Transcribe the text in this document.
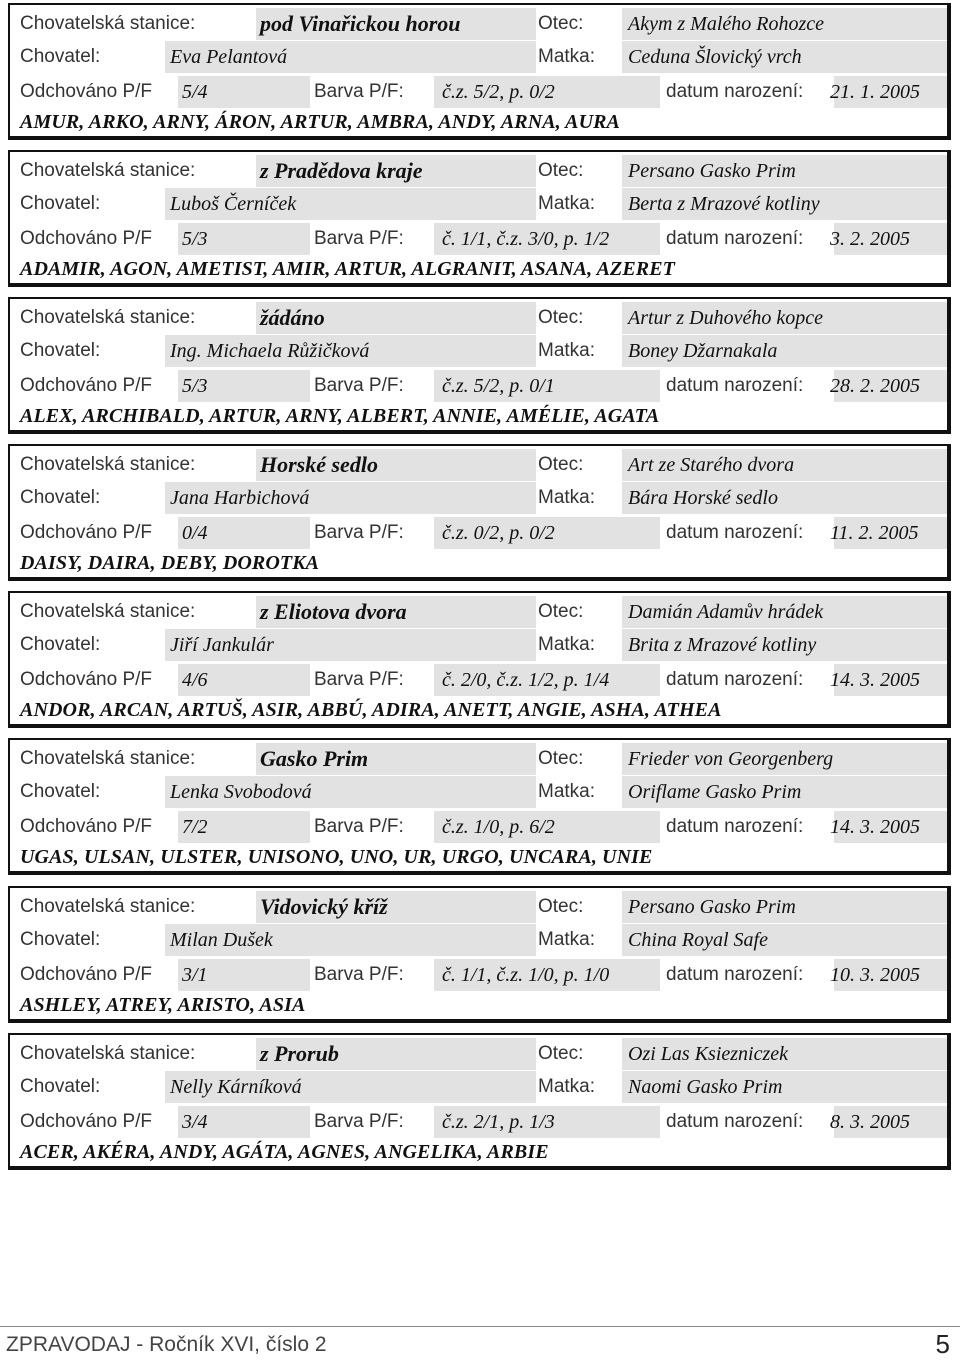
Chovatelská stanice:	pod Vinařickou horou	Otec: Akym z Malého Rohozce
Chovatel:	Eva Pelantová	Matka: Ceduna Šlovický vrch
Odchováno P/F 5/4	Barva P/F: č.z. 5/2, p. 0/2	datum narození: 21. 1. 2005
AMUR, ARKO, ARNY, ÁRON, ARTUR, AMBRA, ANDY, ARNA, AURA
Chovatelská stanice:	z Pradědova kraje	Otec: Persano Gasko Prim
Chovatel:	Luboš Černíček	Matka: Berta z Mrazové kotliny
Odchováno P/F 5/3	Barva P/F: č. 1/1, č.z. 3/0, p. 1/2	datum narození: 3. 2. 2005
ADAMIR, AGON, AMETIST, AMIR, ARTUR, ALGRANIT, ASANA, AZERET
Chovatelská stanice:	žádáno	Otec: Artur z Duhového kopce
Chovatel:	Ing. Michaela Růžičková	Matka: Boney Džarnakala
Odchováno P/F 5/3	Barva P/F: č.z. 5/2, p. 0/1	datum narození: 28. 2. 2005
ALEX, ARCHIBALD, ARTUR, ARNY, ALBERT, ANNIE, AMÉLIE, AGATA
Chovatelská stanice:	Horské sedlo	Otec: Art ze Starého dvora
Chovatel:	Jana Harbichová	Matka: Bára Horské sedlo
Odchováno P/F 0/4	Barva P/F: č.z. 0/2, p. 0/2	datum narození: 11. 2. 2005
DAISY, DAIRA, DEBY, DOROTKA
Chovatelská stanice:	z Eliotova dvora	Otec: Damián Adamův hrádek
Chovatel:	Jiří Jankulár	Matka: Brita z Mrazové kotliny
Odchováno P/F 4/6	Barva P/F: č. 2/0, č.z. 1/2, p. 1/4	datum narození: 14. 3. 2005
ANDOR, ARCAN, ARTUŠ, ASIR, ABBÚ, ADIRA, ANETT, ANGIE, ASHA, ATHEA
Chovatelská stanice:	Gasko Prim	Otec: Frieder von Georgenberg
Chovatel:	Lenka Svobodová	Matka: Oriflame Gasko Prim
Odchováno P/F 7/2	Barva P/F: č.z. 1/0, p. 6/2	datum narození: 14. 3. 2005
UGAS, ULSAN, ULSTER, UNISONO, UNO, UR, URGO, UNCARA, UNIE
Chovatelská stanice:	Vidovický kříž	Otec: Persano Gasko Prim
Chovatel:	Milan Dušek	Matka: China Royal Safe
Odchováno P/F 3/1	Barva P/F: č. 1/1, č.z. 1/0, p. 1/0	datum narození: 10. 3. 2005
ASHLEY, ATREY, ARISTO, ASIA
Chovatelská stanice:	z Prorub	Otec: Ozi Las Ksiezniczek
Chovatel:	Nelly Kárníková	Matka: Naomi Gasko Prim
Odchováno P/F 3/4	Barva P/F: č.z. 2/1, p. 1/3	datum narození: 8. 3. 2005
ACER, AKÉRA, ANDY, AGÁTA, AGNES, ANGELIKA, ARBIE
ZPRAVODAJ - Ročník XVI, číslo 2	5
